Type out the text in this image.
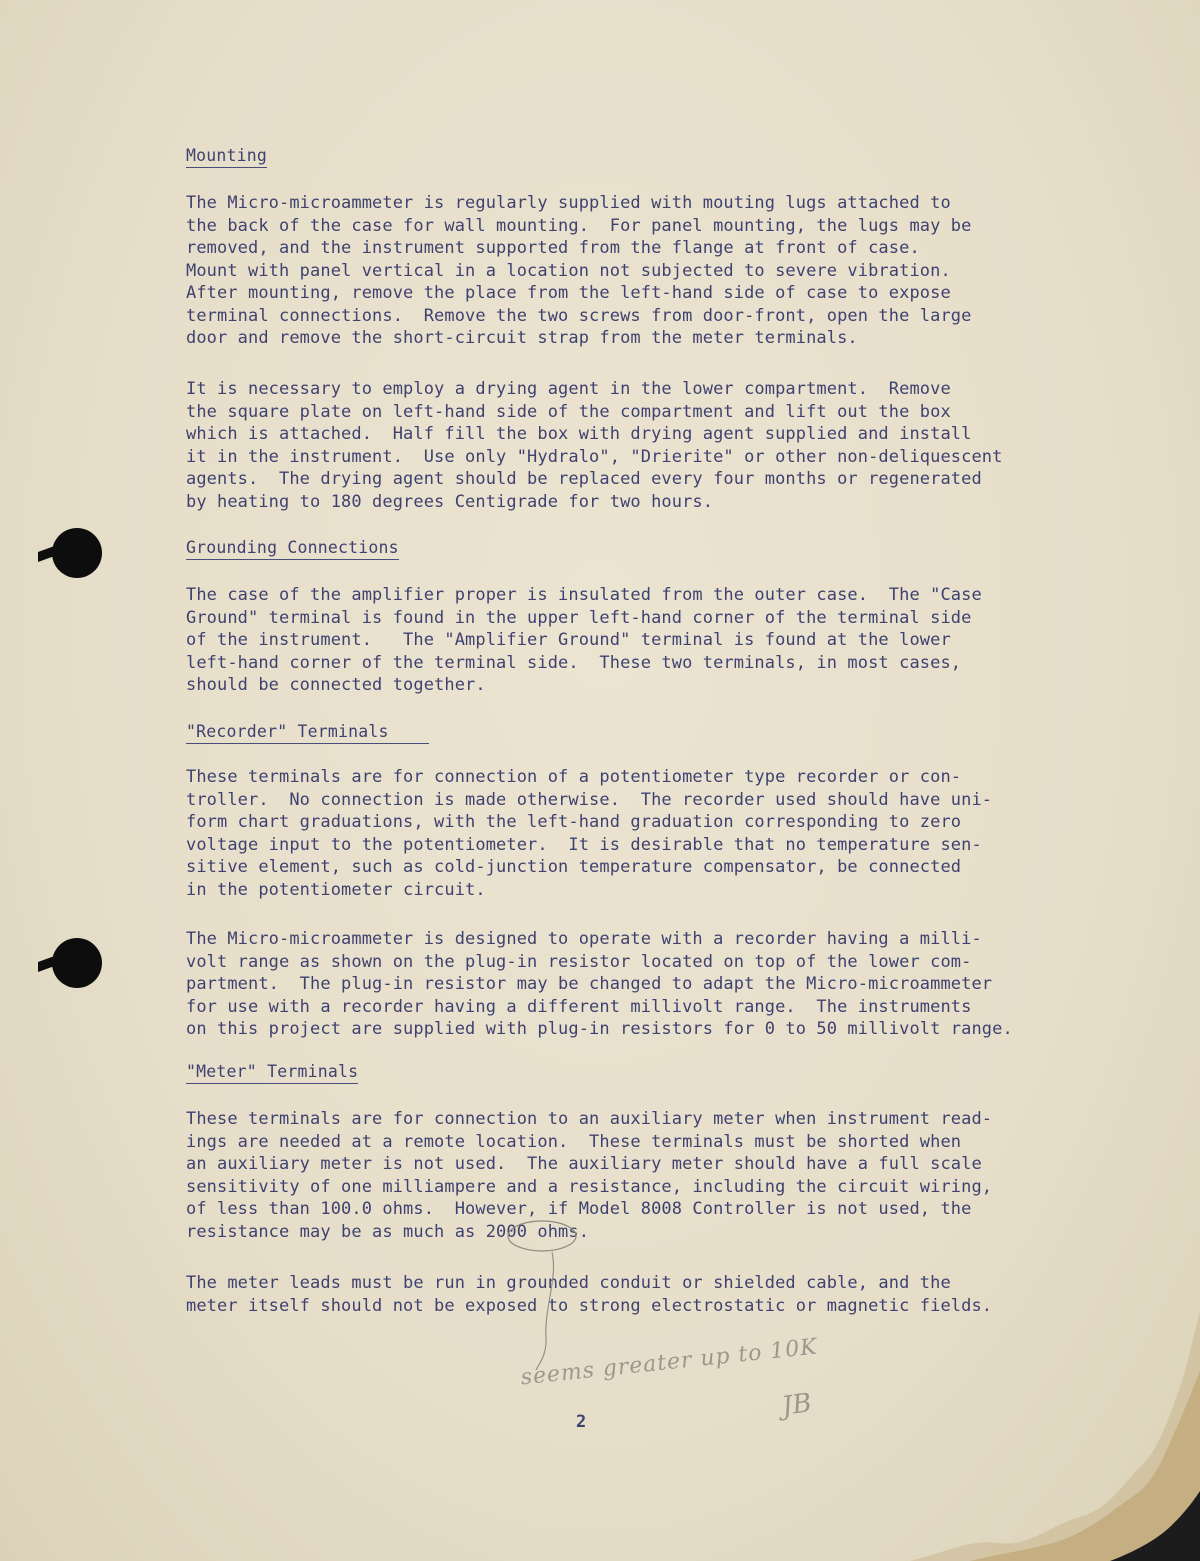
Mounting

The Micro-microammeter is regularly supplied with mouting lugs attached to
the back of the case for wall mounting.  For panel mounting, the lugs may be
removed, and the instrument supported from the flange at front of case.
Mount with panel vertical in a location not subjected to severe vibration.
After mounting, remove the place from the left-hand side of case to expose
terminal connections.  Remove the two screws from door-front, open the large
door and remove the short-circuit strap from the meter terminals.

It is necessary to employ a drying agent in the lower compartment.  Remove
the square plate on left-hand side of the compartment and lift out the box
which is attached.  Half fill the box with drying agent supplied and install
it in the instrument.  Use only "Hydralo", "Drierite" or other non-deliquescent
agents.  The drying agent should be replaced every four months or regenerated
by heating to 180 degrees Centigrade for two hours.

Grounding Connections

The case of the amplifier proper is insulated from the outer case.  The "Case
Ground" terminal is found in the upper left-hand corner of the terminal side
of the instrument.   The "Amplifier Ground" terminal is found at the lower
left-hand corner of the terminal side.  These two terminals, in most cases,
should be connected together.

"Recorder" Terminals

These terminals are for connection of a potentiometer type recorder or con-
troller.  No connection is made otherwise.  The recorder used should have uni-
form chart graduations, with the left-hand graduation corresponding to zero
voltage input to the potentiometer.  It is desirable that no temperature sen-
sitive element, such as cold-junction temperature compensator, be connected
in the potentiometer circuit.

The Micro-microammeter is designed to operate with a recorder having a milli-
volt range as shown on the plug-in resistor located on top of the lower com-
partment.  The plug-in resistor may be changed to adapt the Micro-microammeter
for use with a recorder having a different millivolt range.  The instruments
on this project are supplied with plug-in resistors for 0 to 50 millivolt range.

"Meter" Terminals

These terminals are for connection to an auxiliary meter when instrument read-
ings are needed at a remote location.  These terminals must be shorted when
an auxiliary meter is not used.  The auxiliary meter should have a full scale
sensitivity of one milliampere and a resistance, including the circuit wiring,
of less than 100.0 ohms.  However, if Model 8008 Controller is not used, the
resistance may be as much as 2000 ohms.

The meter leads must be run in grounded conduit or shielded cable, and the
meter itself should not be exposed to strong electrostatic or magnetic fields.

seems greater up to 10K
JB
2
